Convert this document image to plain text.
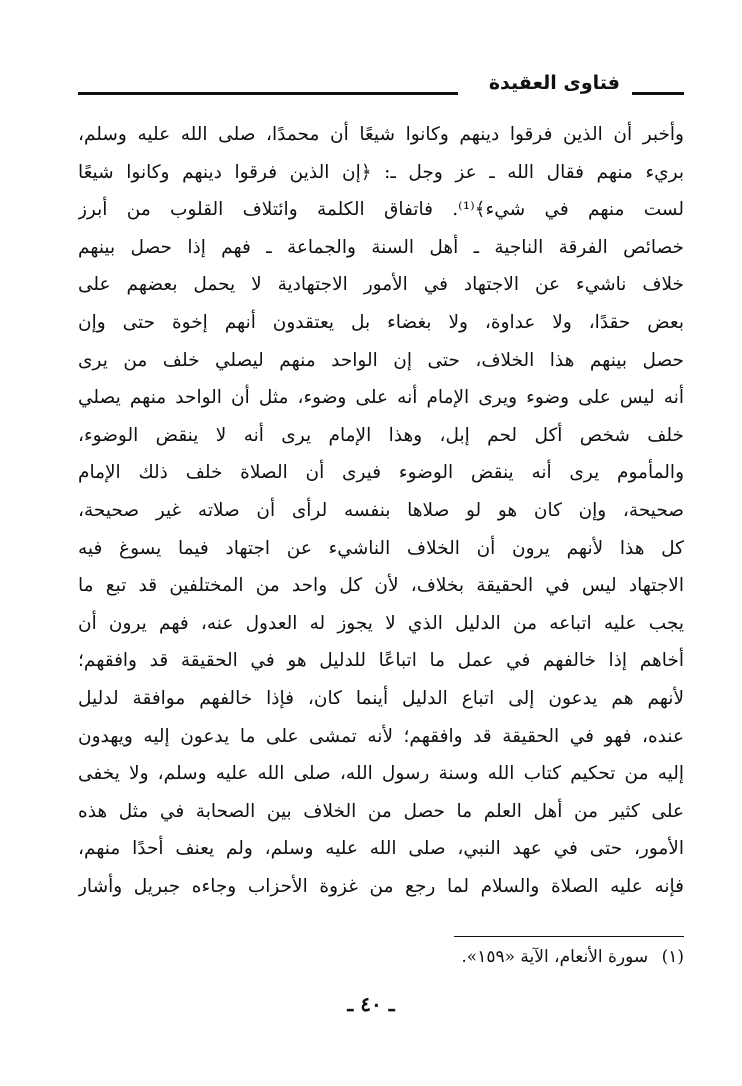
فتاوى العقيدة
وأخبر أن الذين فرقوا دينهم وكانوا شيعًا أن محمدًا، صلى الله عليه وسلم،
بريء منهم فقال الله ـ عز وجل ـ: ﴿إن الذين فرقوا دينهم وكانوا شيعًا
لست منهم في شيء﴾⁽¹⁾. فاتفاق الكلمة وائتلاف القلوب من أبرز
خصائص الفرقة الناجية ـ أهل السنة والجماعة ـ فهم إذا حصل بينهم
خلاف ناشيء عن الاجتهاد في الأمور الاجتهادية لا يحمل بعضهم على
بعض حقدًا، ولا عداوة، ولا بغضاء بل يعتقدون أنهم إخوة حتى وإن
حصل بينهم هذا الخلاف، حتى إن الواحد منهم ليصلي خلف من يرى
أنه ليس على وضوء ويرى الإمام أنه على وضوء، مثل أن الواحد منهم يصلي
خلف شخص أكل لحم إبل، وهذا الإمام يرى أنه لا ينقض الوضوء،
والمأموم يرى أنه ينقض الوضوء فيرى أن الصلاة خلف ذلك الإمام
صحيحة، وإن كان هو لو صلاها بنفسه لرأى أن صلاته غير صحيحة،
كل هذا لأنهم يرون أن الخلاف الناشيء عن اجتهاد فيما يسوغ فيه
الاجتهاد ليس في الحقيقة بخلاف، لأن كل واحد من المختلفين قد تبع ما
يجب عليه اتباعه من الدليل الذي لا يجوز له العدول عنه، فهم يرون أن
أخاهم إذا خالفهم في عمل ما اتباعًا للدليل هو في الحقيقة قد وافقهم؛
لأنهم هم يدعون إلى اتباع الدليل أينما كان، فإذا خالفهم موافقة لدليل
عنده، فهو في الحقيقة قد وافقهم؛ لأنه تمشى على ما يدعون إليه ويهدون
إليه من تحكيم كتاب الله وسنة رسول الله، صلى الله عليه وسلم، ولا يخفى
على كثير من أهل العلم ما حصل من الخلاف بين الصحابة في مثل هذه
الأمور، حتى في عهد النبي، صلى الله عليه وسلم، ولم يعنف أحدًا منهم،
فإنه عليه الصلاة والسلام لما رجع من غزوة الأحزاب وجاءه جبريل وأشار
(١) سورة الأنعام، الآية «١٥٩».
ـ ٤٠ ـ
